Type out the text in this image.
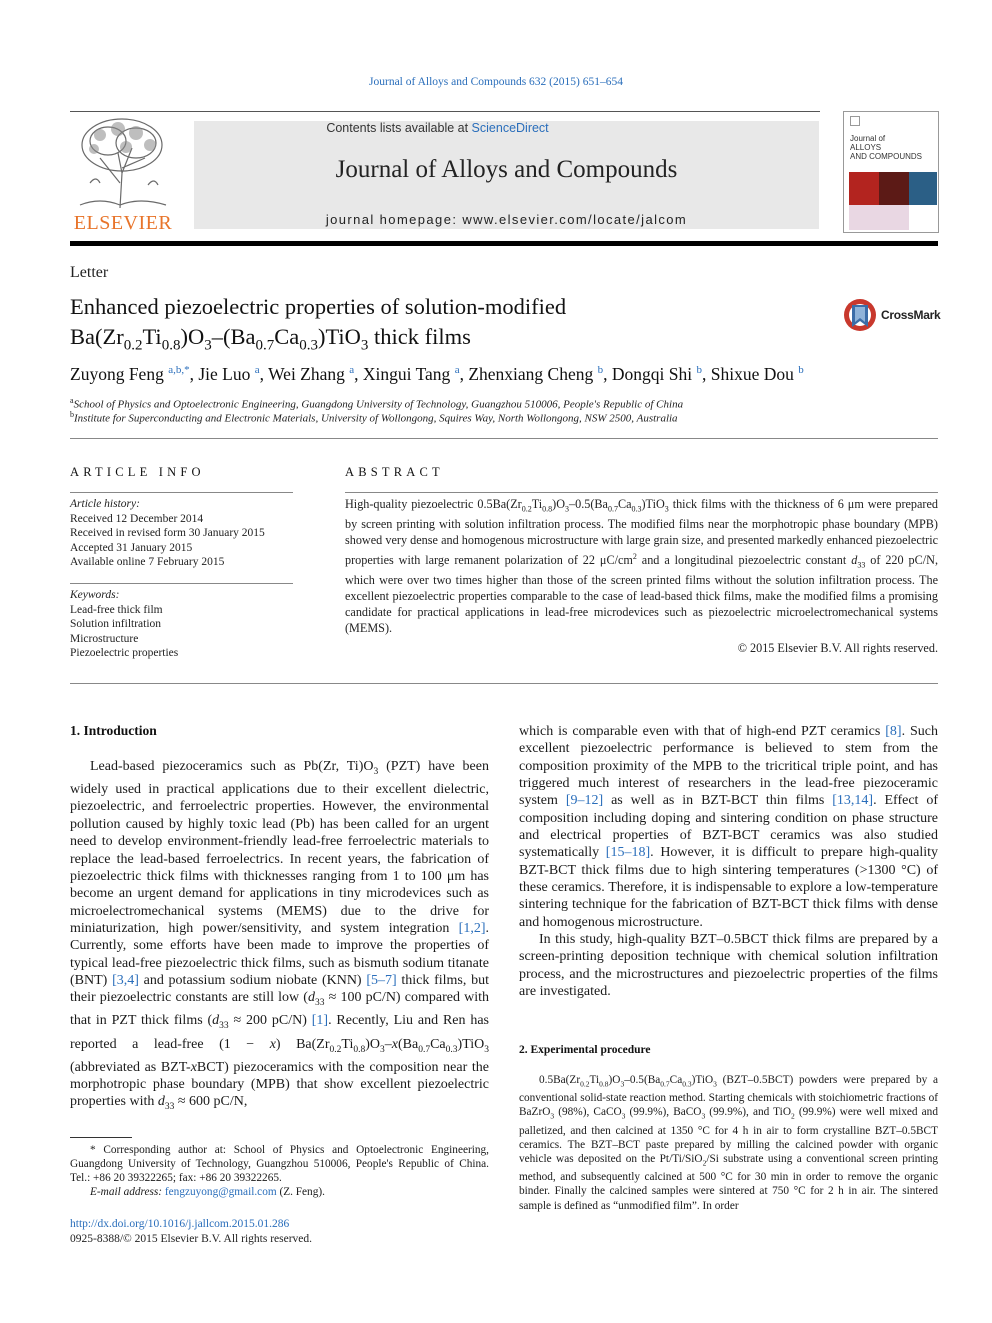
Journal of Alloys and Compounds 632 (2015) 651–654
ELSEVIER
Contents lists available at ScienceDirect
Journal of Alloys and Compounds
journal homepage: www.elsevier.com/locate/jalcom
Journal of
ALLOYS
AND COMPOUNDS
Letter
Enhanced piezoelectric properties of solution-modified
$Ba(Zr_{0.2}Ti_{0.8})O_3-(Ba_{0.7}Ca_{0.3})TiO_3$ thick films
CrossMark
Zuyong Feng $^{a,b,*}$, Jie Luo $^a$, Wei Zhang $^a$, Xingui Tang $^a$, Zhenxiang Cheng $^b$, Dongqi Shi $^b$, Shixue Dou $^b$
$^a$School of Physics and Optoelectronic Engineering, Guangdong University of Technology, Guangzhou 510006, People's Republic of China
$^b$Institute for Superconducting and Electronic Materials, University of Wollongong, Squires Way, North Wollongong, NSW 2500, Australia
ARTICLE INFO
Article history:
Received 12 December 2014
Received in revised form 30 January 2015
Accepted 31 January 2015
Available online 7 February 2015
Keywords:
Lead-free thick film
Solution infiltration
Microstructure
Piezoelectric properties
ABSTRACT
High-quality piezoelectric $0.5Ba(Zr_{0.2}Ti_{0.8})O_3-0.5(Ba_{0.7}Ca_{0.3})TiO_3$ thick films with the thickness of 6 μm were prepared by screen printing with solution infiltration process. The modified films near the morphotropic phase boundary (MPB) showed very dense and homogenous microstructure with large grain size, and presented markedly enhanced piezoelectric properties with large remanent polarization of 22 $\mu C/cm^2$ and a longitudinal piezoelectric constant $d_{33}$ of 220 pC/N, which were over two times higher than those of the screen printed films without the solution infiltration process. The excellent piezoelectric properties comparable to the case of lead-based thick films, make the modified films a promising candidate for practical applications in lead-free microdevices such as piezoelectric microelectromechanical systems (MEMS).
© 2015 Elsevier B.V. All rights reserved.
1. Introduction

Lead-based piezoceramics such as Pb(Zr, $Ti)O_3$ (PZT) have been widely used in practical applications due to their excellent dielectric, piezoelectric, and ferroelectric properties. However, the environmental pollution caused by highly toxic lead (Pb) has been called for an urgent need to develop environment-friendly lead-free ferroelectric materials to replace the lead-based ferroelectrics. In recent years, the fabrication of piezoelectric thick films with thicknesses ranging from 1 to 100 μm has become an urgent demand for applications in tiny microdevices such as microelectromechanical systems (MEMS) due to the drive for miniaturization, high power/sensitivity, and system integration [1,2]. Currently, some efforts have been made to improve the properties of typical lead-free piezoelectric thick films, such as bismuth sodium titanate (BNT) [3,4] and potassium sodium niobate (KNN) [5–7] thick films, but their piezoelectric constants are still low ($d_{33} \approx 100$ pC/N) compared with that in PZT thick films ($d_{33} \approx 200$ pC/N) [1]. Recently, Liu and Ren has reported a lead-free (1 − x) $Ba(Zr_{0.2}Ti_{0.8})O_3-x(Ba_{0.7}Ca_{0.3})TiO_3$ (abbreviated as BZT-xBCT) piezoceramics with the composition near the morphotropic phase boundary (MPB) that show excellent piezoelectric properties with $d_{33} \approx 600$ pC/N,

* Corresponding author at: School of Physics and Optoelectronic Engineering, Guangdong University of Technology, Guangzhou 510006, People's Republic of China. Tel.: +86 20 39322265; fax: +86 20 39322265.
E-mail address: fengzuyong@gmail.com (Z. Feng).
http://dx.doi.org/10.1016/j.jallcom.2015.01.286
0925-8388/© 2015 Elsevier B.V. All rights reserved.

which is comparable even with that of high-end PZT ceramics [8]. Such excellent piezoelectric performance is believed to stem from the composition proximity of the MPB to the tricritical triple point, and has triggered much interest of researchers in the lead-free piezoceramic system [9–12] as well as in BZT-BCT thin films [13,14]. Effect of composition including doping and sintering condition on phase structure and electrical properties of BZT-BCT ceramics was also studied systematically [15–18]. However, it is difficult to prepare high-quality BZT-BCT thick films due to high sintering temperatures (>1300 °C) of these ceramics. Therefore, it is indispensable to explore a low-temperature sintering technique for the fabrication of BZT-BCT thick films with dense and homogenous microstructure.

In this study, high-quality BZT–0.5BCT thick films are prepared by a screen-printing deposition technique with chemical solution infiltration process, and the microstructures and piezoelectric properties of the films are investigated.

2. Experimental procedure

$0.5Ba(Zr_{0.2}Ti_{0.8})O_3-0.5(Ba_{0.7}Ca_{0.3})TiO_3$ (BZT–0.5BCT) powders were prepared by a conventional solid-state reaction method. Starting chemicals with stoichiometric fractions of BaZrO$_3$ (98%), CaCO$_3$ (99.9%), BaCO$_3$ (99.9%), and TiO$_2$ (99.9%) were well mixed and palletized, and then calcined at 1350 °C for 4 h in air to form crystalline BZT–0.5BCT ceramics. The BZT–BCT paste prepared by milling the calcined powder with organic vehicle was deposited on the Pt/Ti/SiO$_2$/Si substrate using a conventional screen printing method, and subsequently calcined at 500 °C for 30 min in order to remove the organic binder. Finally the calcined samples were sintered at 750 °C for 2 h in air. The sintered sample is defined as “unmodified film”. In order
